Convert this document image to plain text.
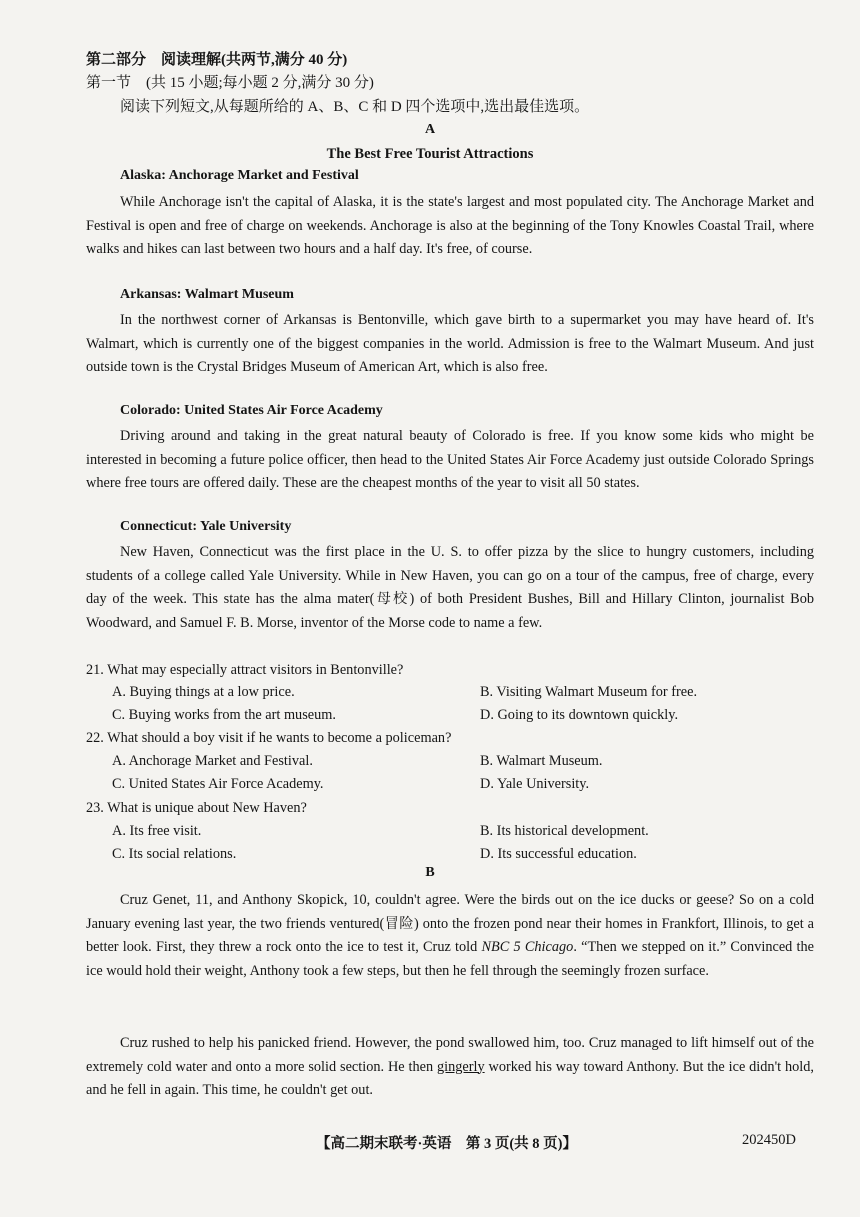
第二部分　阅读理解(共两节,满分 40 分)
第一节　(共 15 小题;每小题 2 分,满分 30 分)
阅读下列短文,从每题所给的 A、B、C 和 D 四个选项中,选出最佳选项。
A
The Best Free Tourist Attractions
Alaska: Anchorage Market and Festival

While Anchorage isn't the capital of Alaska, it is the state's largest and most populated city. The Anchorage Market and Festival is open and free of charge on weekends. Anchorage is also at the beginning of the Tony Knowles Coastal Trail, where walks and hikes can last between two hours and a half day. It's free, of course.

Arkansas: Walmart Museum

In the northwest corner of Arkansas is Bentonville, which gave birth to a supermarket you may have heard of. It's Walmart, which is currently one of the biggest companies in the world. Admission is free to the Walmart Museum. And just outside town is the Crystal Bridges Museum of American Art, which is also free.

Colorado: United States Air Force Academy

Driving around and taking in the great natural beauty of Colorado is free. If you know some kids who might be interested in becoming a future police officer, then head to the United States Air Force Academy just outside Colorado Springs where free tours are offered daily. These are the cheapest months of the year to visit all 50 states.

Connecticut: Yale University

New Haven, Connecticut was the first place in the U. S. to offer pizza by the slice to hungry customers, including students of a college called Yale University. While in New Haven, you can go on a tour of the campus, free of charge, every day of the week. This state has the alma mater(母校) of both President Bushes, Bill and Hillary Clinton, journalist Bob Woodward, and Samuel F. B. Morse, inventor of the Morse code to name a few.

21. What may especially attract visitors in Bentonville?
A. Buying things at a low price.	B. Visiting Walmart Museum for free.
C. Buying works from the art museum.	D. Going to its downtown quickly.
22. What should a boy visit if he wants to become a policeman?
A. Anchorage Market and Festival.	B. Walmart Museum.
C. United States Air Force Academy.	D. Yale University.
23. What is unique about New Haven?
A. Its free visit.	B. Its historical development.
C. Its social relations.	D. Its successful education.
B

Cruz Genet, 11, and Anthony Skopick, 10, couldn't agree. Were the birds out on the ice ducks or geese? So on a cold January evening last year, the two friends ventured(冒险) onto the frozen pond near their homes in Frankfort, Illinois, to get a better look. First, they threw a rock onto the ice to test it, Cruz told NBC 5 Chicago. “Then we stepped on it.” Convinced the ice would hold their weight, Anthony took a few steps, but then he fell through the seemingly frozen surface.

Cruz rushed to help his panicked friend. However, the pond swallowed him, too. Cruz managed to lift himself out of the extremely cold water and onto a more solid section. He then gingerly worked his way toward Anthony. But the ice didn't hold, and he fell in again. This time, he couldn't get out.

【高二期末联考·英语　第 3 页(共 8 页)】	202450D
